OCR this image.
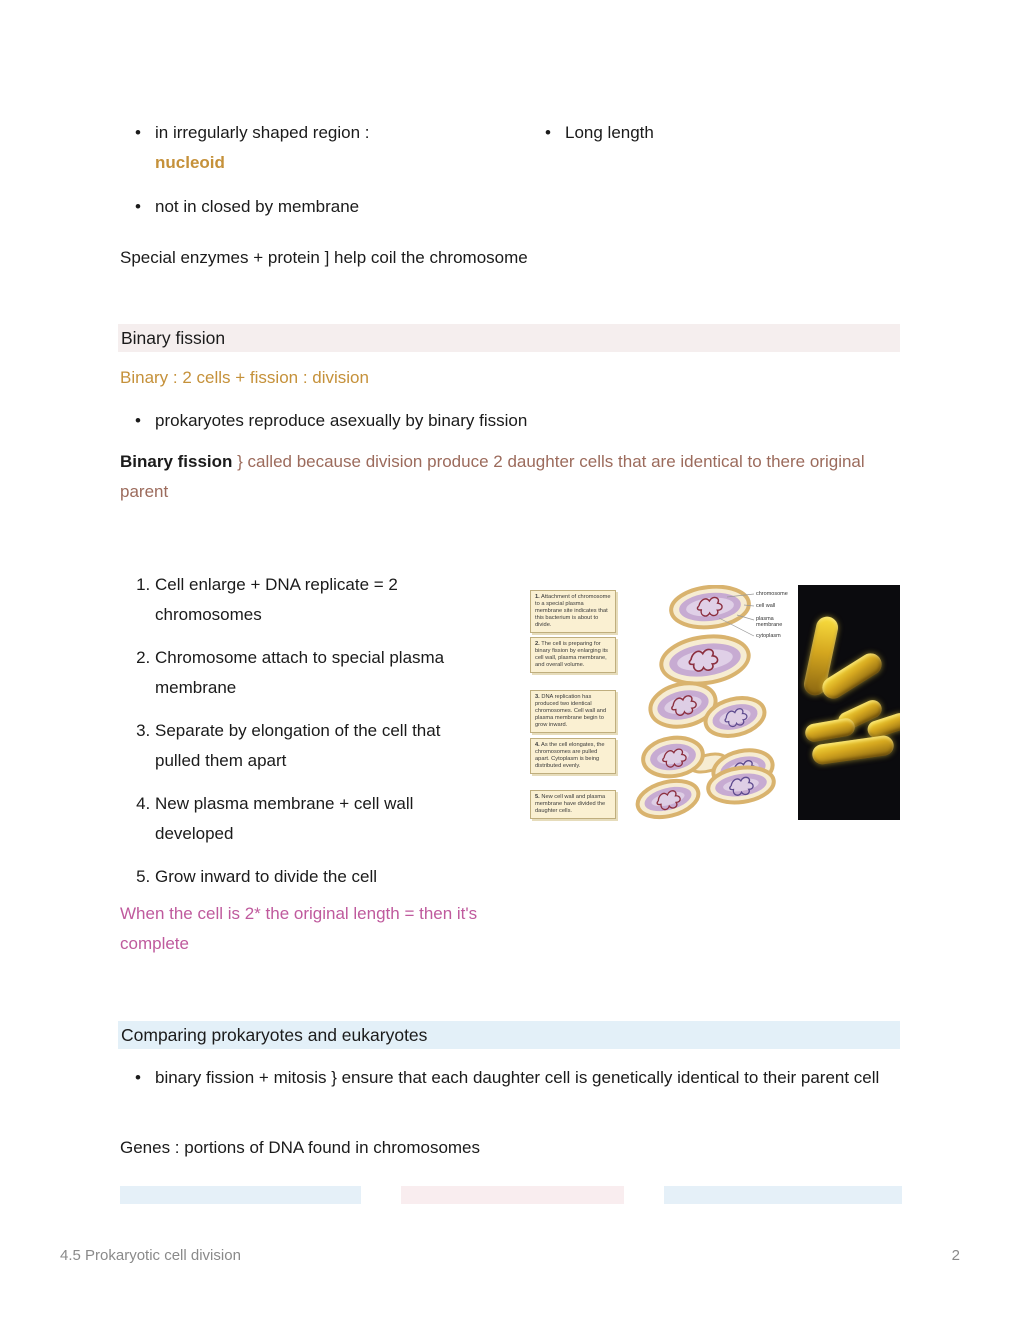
• in irregularly shaped region :
nucleoid
• not in closed by membrane
• Long length
Special enzymes + protein ] help coil the chromosome
Binary fission
Binary : 2 cells + fission : division
• prokaryotes reproduce asexually by binary fission
Binary fission } called because division produce 2 daughter cells that are identical to there original parent
1. Cell enlarge + DNA replicate = 2 chromosomes
2. Chromosome attach to special plasma membrane
3. Separate by elongation of the cell that pulled them apart
4. New plasma membrane + cell wall developed
5. Grow inward to divide the cell
1. Attachment of chromosome to a special plasma membrane site indicates that this bacterium is about to divide.
2. The cell is preparing for binary fission by enlarging its cell wall, plasma membrane, and overall volume.
3. DNA replication has produced two identical chromosomes. Cell wall and plasma membrane begin to grow inward.
4. As the cell elongates, the chromosomes are pulled apart. Cytoplasm is being distributed evenly.
5. New cell wall and plasma membrane have divided the daughter cells.
chromosome
cell wall
plasma membrane
cytoplasm
When the cell is 2* the original length = then it's complete
Comparing prokaryotes and eukaryotes
• binary fission + mitosis } ensure that each daughter cell is genetically identical to their parent cell
Genes : portions of DNA found in chromosomes
4.5 Prokaryotic cell division	2
